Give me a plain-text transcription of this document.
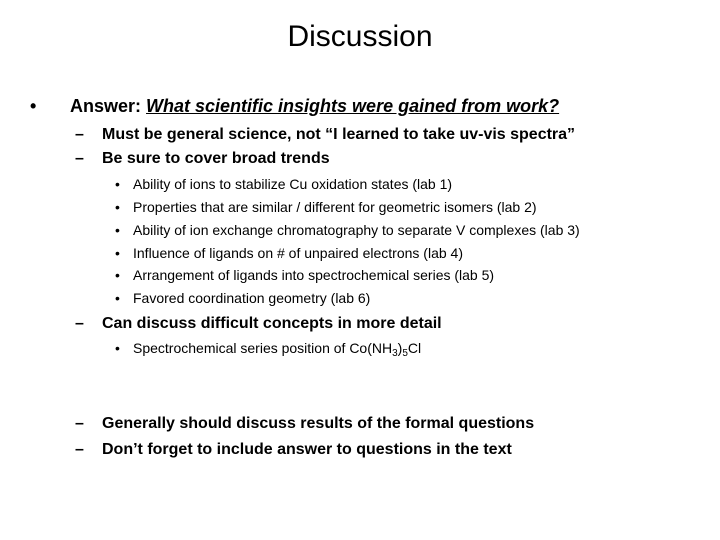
Discussion
• Answer: What scientific insights were gained from work?
– Must be general science, not “I learned to take uv-vis spectra”
– Be sure to cover broad trends
• Ability of ions to stabilize Cu oxidation states (lab 1)
• Properties that are similar / different for geometric isomers (lab 2)
• Ability of ion exchange chromatography to separate V complexes (lab 3)
• Influence of ligands on # of unpaired electrons (lab 4)
• Arrangement of ligands into spectrochemical series (lab 5)
• Favored coordination geometry (lab 6)
– Can discuss difficult concepts in more detail
• Spectrochemical series position of $Co(NH_3)_5Cl$
– Generally should discuss results of the formal questions
– Don’t forget to include answer to questions in the text
